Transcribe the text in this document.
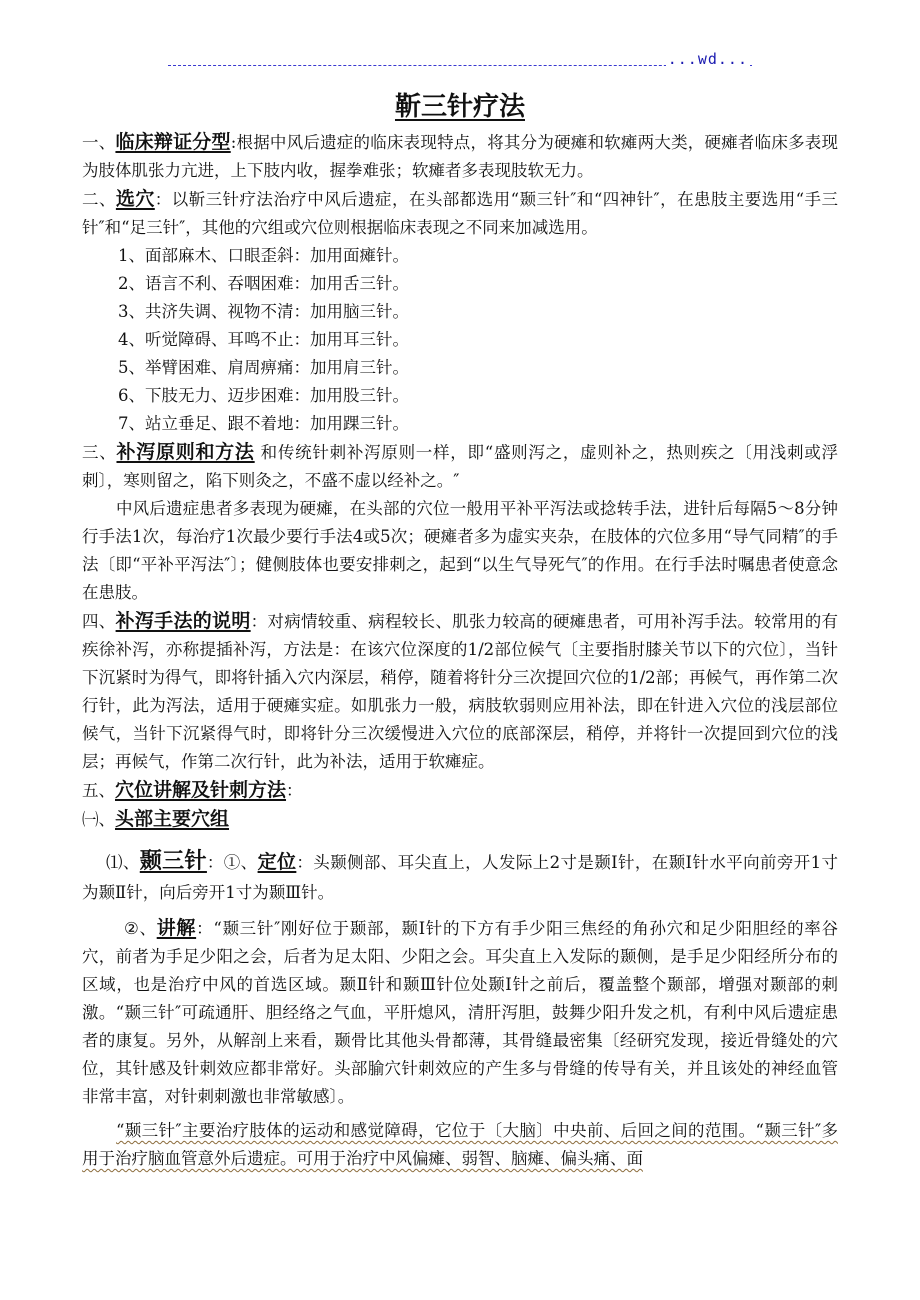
...wd...
靳三针疗法

一、临床辩证分型:根据中风后遗症的临床表现特点，将其分为硬瘫和软瘫两大类，硬瘫者临床多表现为肢体肌张力亢进，上下肢内收，握拳难张；软瘫者多表现肢软无力。

二、选穴：以靳三针疗法治疗中风后遗症，在头部都选用“颞三针″和“四神针″，在患肢主要选用“手三针″和“足三针″，其他的穴组或穴位则根据临床表现之不同来加减选用。

1、面部麻木、口眼歪斜：加用面瘫针。

2、语言不利、吞咽困难：加用舌三针。

3、共济失调、视物不清：加用脑三针。

4、听觉障碍、耳鸣不止：加用耳三针。

5、举臂困难、肩周痹痛：加用肩三针。

6、下肢无力、迈步困难：加用股三针。

7、站立垂足、跟不着地：加用踝三针。

三、补泻原则和方法 和传统针刺补泻原则一样，即“盛则泻之，虚则补之，热则疾之〔用浅刺或浮刺〕，寒则留之，陷下则灸之，不盛不虚以经补之。″

中风后遗症患者多表现为硬瘫，在头部的穴位一般用平补平泻法或捻转手法，进针后每隔5～8分钟行手法1次，每治疗1次最少要行手法4或5次；硬瘫者多为虚实夹杂，在肢体的穴位多用“导气同精″的手法〔即“平补平泻法″〕；健侧肢体也要安排刺之，起到“以生气导死气″的作用。在行手法时嘱患者使意念在患肢。

四、补泻手法的说明：对病情较重、病程较长、肌张力较高的硬瘫患者，可用补泻手法。较常用的有疾徐补泻，亦称提插补泻，方法是：在该穴位深度的1/2部位候气〔主要指肘膝关节以下的穴位〕，当针下沉紧时为得气，即将针插入穴内深层，稍停，随着将针分三次提回穴位的1/2部；再候气，再作第二次行针，此为泻法，适用于硬瘫实症。如肌张力一般，病肢软弱则应用补法，即在针进入穴位的浅层部位候气，当针下沉紧得气时，即将针分三次缓慢进入穴位的底部深层，稍停，并将针一次提回到穴位的浅层；再候气，作第二次行针，此为补法，适用于软瘫症。

五、穴位讲解及针刺方法：

㈠、头部主要穴组

⑴、颞三针：①、定位：头颞侧部、耳尖直上，人发际上2寸是颞Ⅰ针，在颞Ⅰ针水平向前旁开1寸为颞Ⅱ针，向后旁开1寸为颞Ⅲ针。

②、讲解：“颞三针″刚好位于颞部，颞Ⅰ针的下方有手少阳三焦经的角孙穴和足少阳胆经的率谷穴，前者为手足少阳之会，后者为足太阳、少阳之会。耳尖直上入发际的颞侧，是手足少阳经所分布的区域，也是治疗中风的首选区域。颞Ⅱ针和颞Ⅲ针位处颞Ⅰ针之前后，覆盖整个颞部，增强对颞部的刺激。“颞三针″可疏通肝、胆经络之气血，平肝熄风，清肝泻胆，鼓舞少阳升发之机，有利中风后遗症患者的康复。另外，从解剖上来看，颞骨比其他头骨都薄，其骨缝最密集〔经研究发现，接近骨缝处的穴位，其针感及针刺效应都非常好。头部腧穴针刺效应的产生多与骨缝的传导有关，并且该处的神经血管非常丰富，对针刺刺激也非常敏感〕。

“颞三针″主要治疗肢体的运动和感觉障碍，它位于〔大脑〕中央前、后回之间的范围。“颞三针″多用于治疗脑血管意外后遗症。可用于治疗中风偏瘫、弱智、脑瘫、偏头痛、面
